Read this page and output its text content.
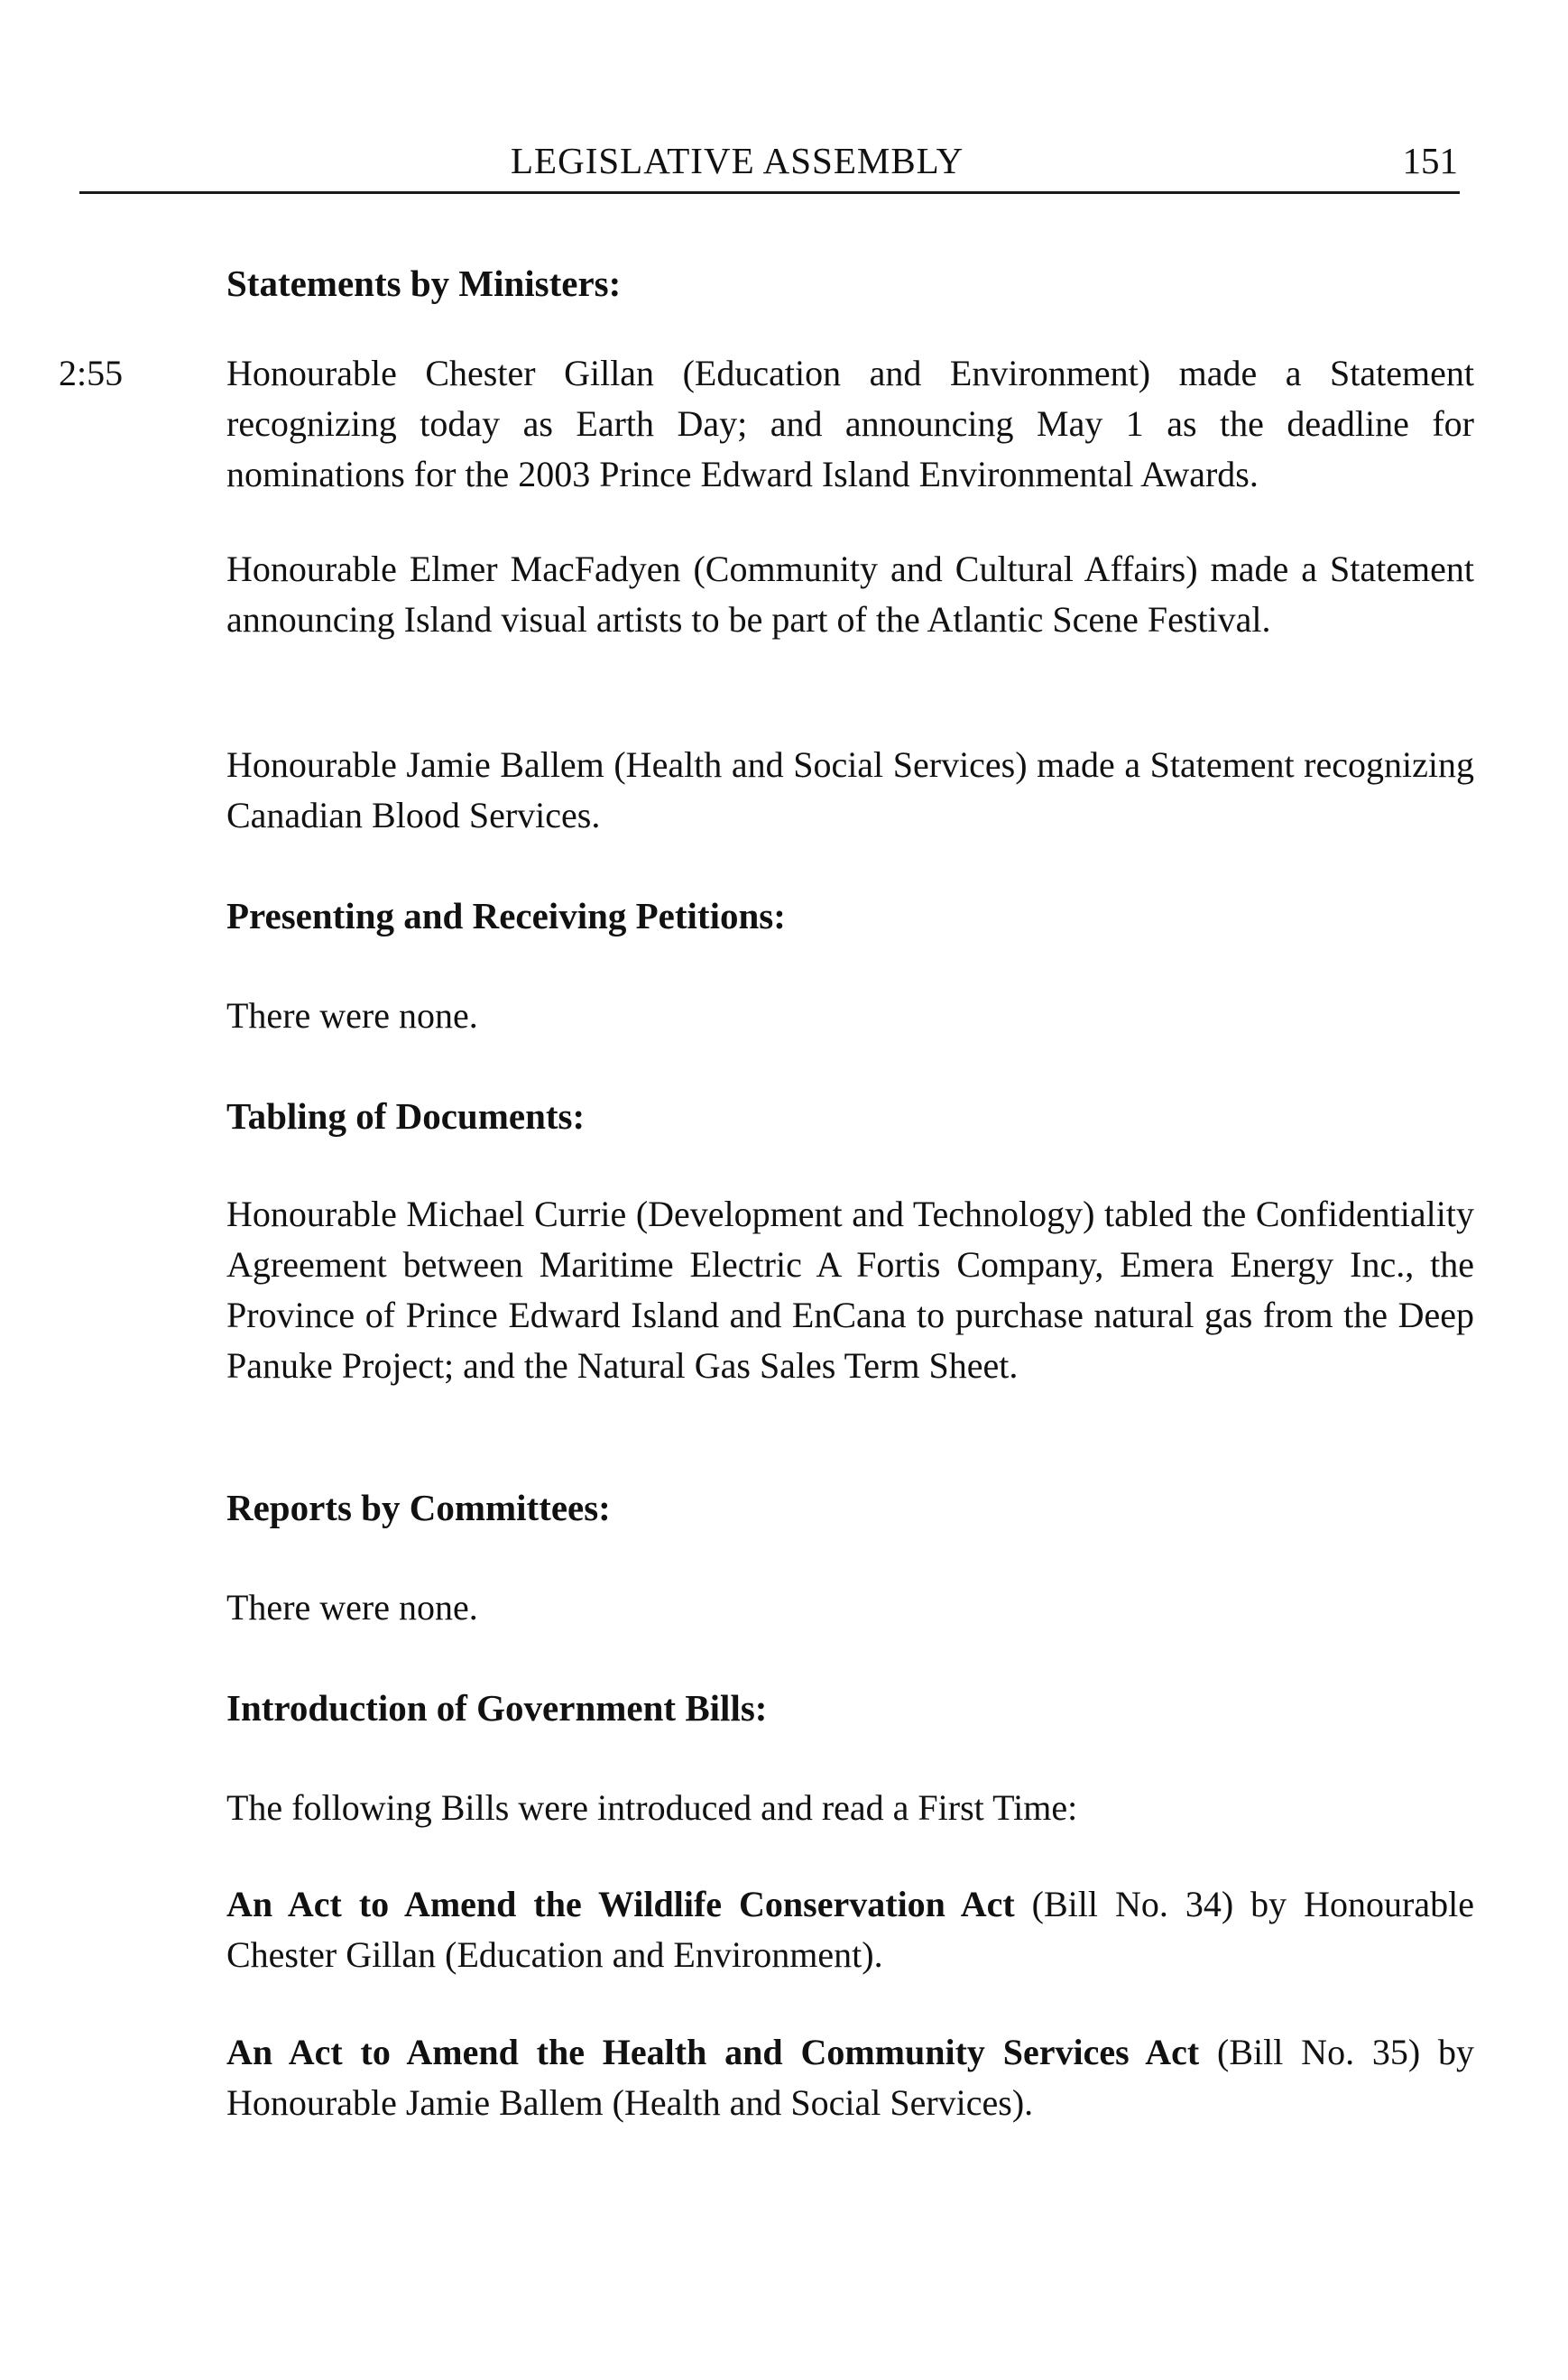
LEGISLATIVE ASSEMBLY	151
2:55
Statements by Ministers:

Honourable Chester Gillan (Education and Environment) made a Statement recognizing today as Earth Day; and announcing May 1 as the deadline for nominations for the 2003 Prince Edward Island Environmental Awards.

Honourable Elmer MacFadyen (Community and Cultural Affairs) made a Statement announcing Island visual artists to be part of the Atlantic Scene Festival.

Honourable Jamie Ballem (Health and Social Services) made a Statement recognizing Canadian Blood Services.

Presenting and Receiving Petitions:

There were none.

Tabling of Documents:

Honourable Michael Currie (Development and Technology) tabled the Confidentiality Agreement between Maritime Electric A Fortis Company, Emera Energy Inc., the Province of Prince Edward Island and EnCana to purchase natural gas from the Deep Panuke Project; and the Natural Gas Sales Term Sheet.

Reports by Committees:

There were none.

Introduction of Government Bills:

The following Bills were introduced and read a First Time:

An Act to Amend the Wildlife Conservation Act (Bill No. 34) by Honourable Chester Gillan (Education and Environment).

An Act to Amend the Health and Community Services Act (Bill No. 35) by Honourable Jamie Ballem (Health and Social Services).
